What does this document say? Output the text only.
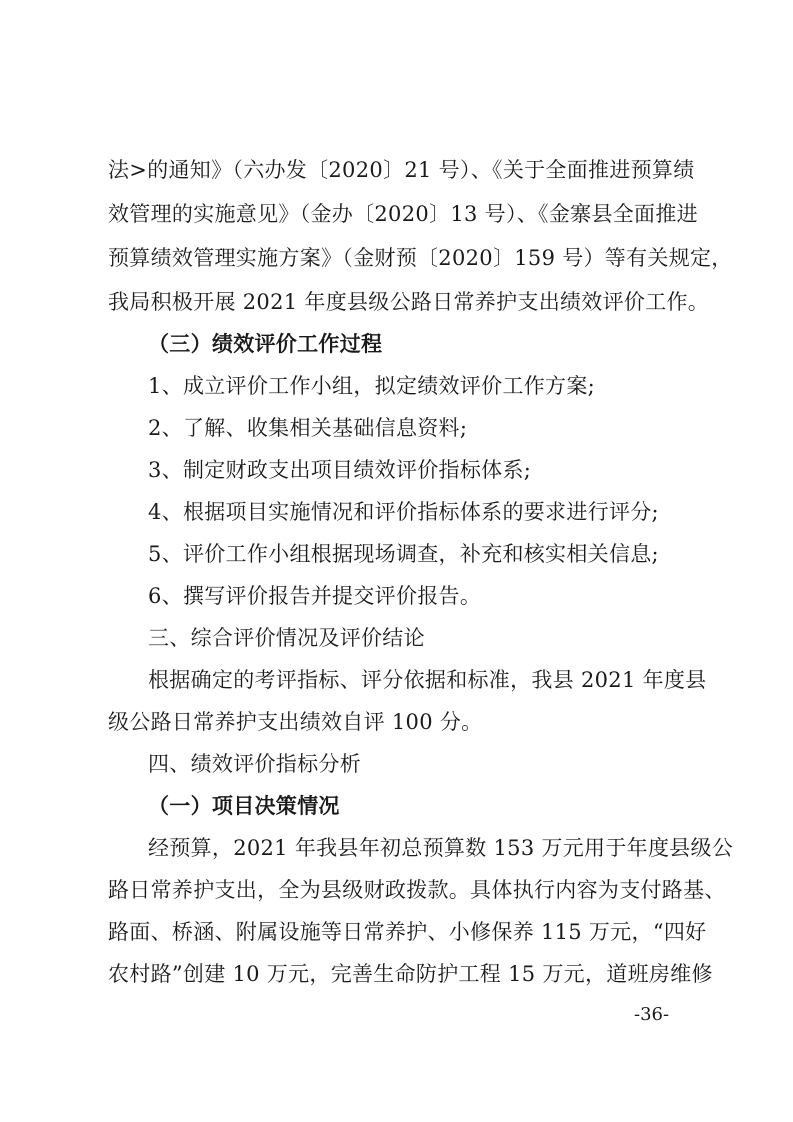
法>的通知》（六办发〔2020〕21 号）、《关于全面推进预算绩
效管理的实施意见》（金办〔2020〕13 号）、《金寨县全面推进
预算绩效管理实施方案》（金财预〔2020〕159 号）等有关规定，
我局积极开展 2021 年度县级公路日常养护支出绩效评价工作。
（三）绩效评价工作过程
1、成立评价工作小组，拟定绩效评价工作方案;
2、了解、收集相关基础信息资料;
3、制定财政支出项目绩效评价指标体系;
4、根据项目实施情况和评价指标体系的要求进行评分;
5、评价工作小组根据现场调查，补充和核实相关信息;
6、撰写评价报告并提交评价报告。
三、综合评价情况及评价结论
根据确定的考评指标、评分依据和标准，我县 2021 年度县
级公路日常养护支出绩效自评 100 分。
四、绩效评价指标分析
（一）项目决策情况
经预算，2021 年我县年初总预算数 153 万元用于年度县级公
路日常养护支出，全为县级财政拨款。具体执行内容为支付路基、
路面、桥涵、附属设施等日常养护、小修保养 115 万元，“四好
农村路”创建 10 万元，完善生命防护工程 15 万元，道班房维修
-36-
